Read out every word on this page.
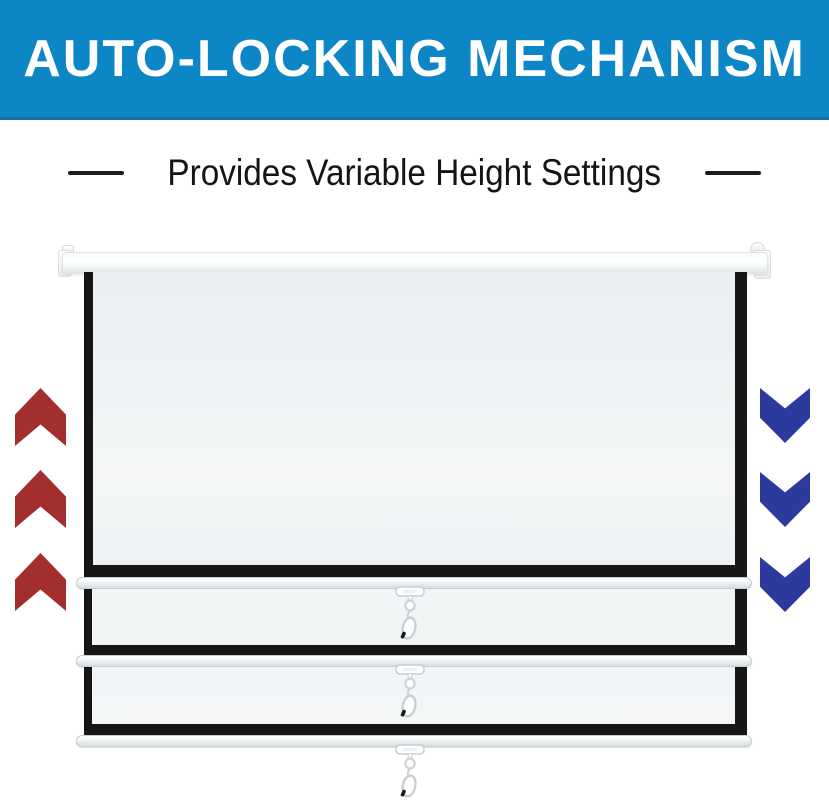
AUTO-LOCKING MECHANISM
Provides Variable Height Settings
